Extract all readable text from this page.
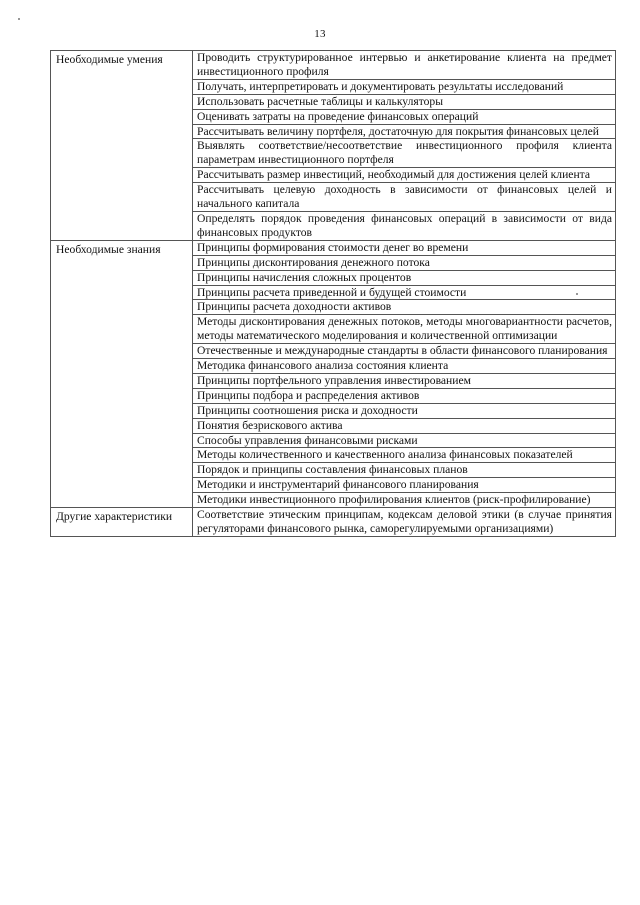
13
Необходимые умения	Проводить структурированное интервью и анкетирование клиента на предмет инвестиционного профиля
	Получать, интерпретировать и документировать результаты исследований
	Использовать расчетные таблицы и калькуляторы
	Оценивать затраты на проведение финансовых операций
	Рассчитывать величину портфеля, достаточную для покрытия финансовых целей
	Выявлять соответствие/несоответствие инвестиционного профиля клиента параметрам инвестиционного портфеля
	Рассчитывать размер инвестиций, необходимый для достижения целей клиента
	Рассчитывать целевую доходность в зависимости от финансовых целей и начального капитала
	Определять порядок проведения финансовых операций в зависимости от вида финансовых продуктов
Необходимые знания	Принципы формирования стоимости денег во времени
	Принципы дисконтирования денежного потока
	Принципы начисления сложных процентов
	Принципы расчета приведенной и будущей стоимости
	Принципы расчета доходности активов
	Методы дисконтирования денежных потоков, методы многовариантности расчетов, методы математического моделирования и количественной оптимизации
	Отечественные и международные стандарты в области финансового планирования
	Методика финансового анализа состояния клиента
	Принципы портфельного управления инвестированием
	Принципы подбора и распределения активов
	Принципы соотношения риска и доходности
	Понятия безрискового актива
	Способы управления финансовыми рисками
	Методы количественного и качественного анализа финансовых показателей
	Порядок и принципы составления финансовых планов
	Методики и инструментарий финансового планирования
	Методики инвестиционного профилирования клиентов (риск-профилирование)
Другие характеристики	Соответствие этическим принципам, кодексам деловой этики (в случае принятия регуляторами финансового рынка, саморегулируемыми организациями)
